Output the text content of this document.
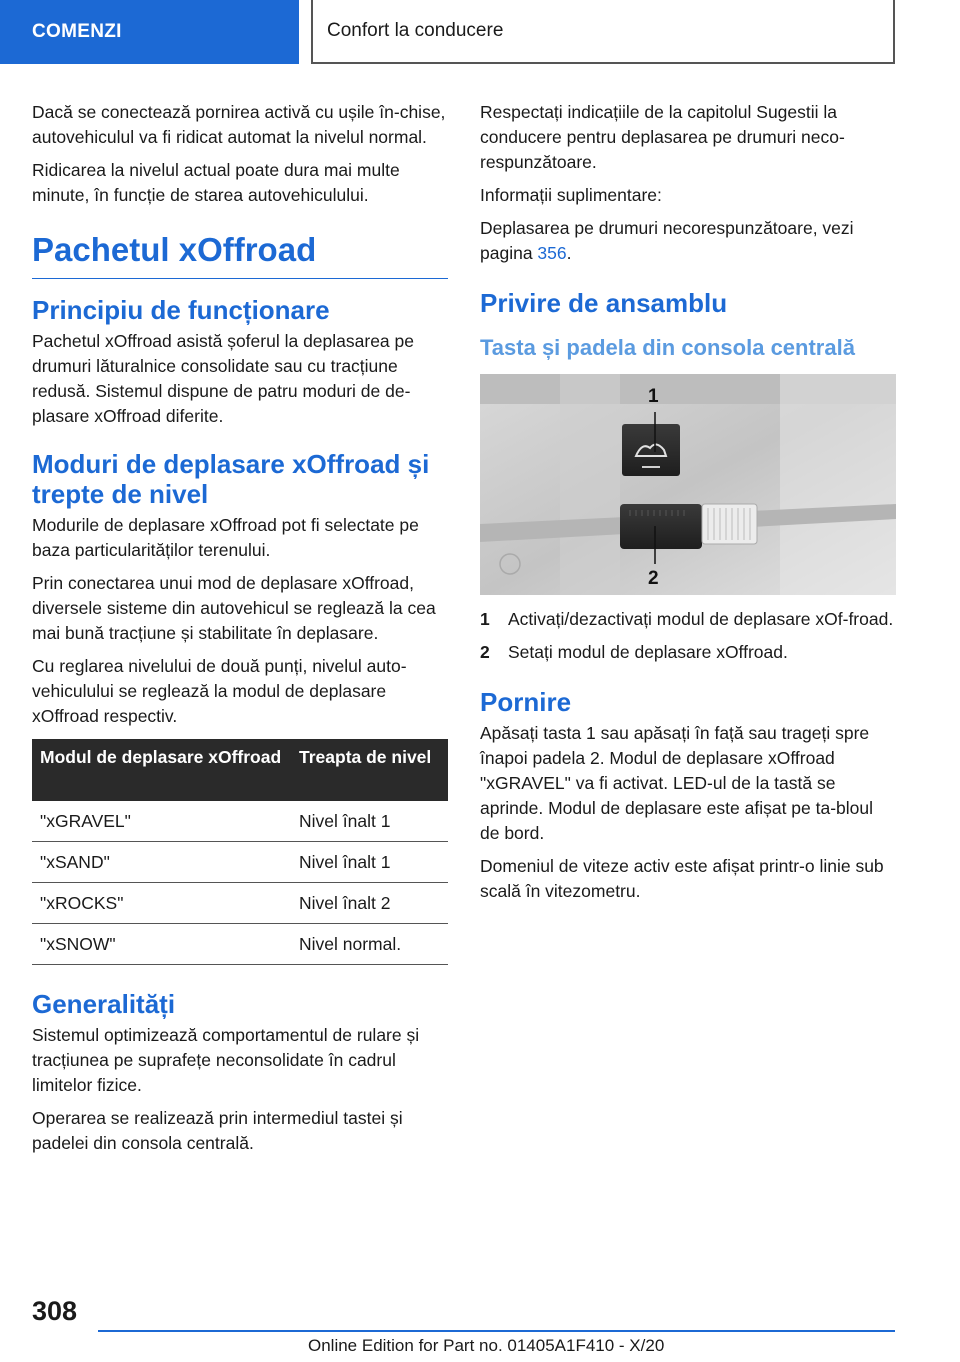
COMENZI	Confort la conducere

Dacă se conectează pornirea activă cu ușile în-chise, autovehiculul va fi ridicat automat la nivelul normal.

Ridicarea la nivelul actual poate dura mai multe minute, în funcție de starea autovehiculului.

Pachetul xOffroad
Principiu de funcționare

Pachetul xOffroad asistă șoferul la deplasarea pe drumuri lăturalnice consolidate sau cu tracțiune redusă. Sistemul dispune de patru moduri de de-plasare xOffroad diferite.

Moduri de deplasare xOffroad și trepte de nivel

Modurile de deplasare xOffroad pot fi selectate pe baza particularităților terenului.

Prin conectarea unui mod de deplasare xOffroad, diversele sisteme din autovehicul se reglează la cea mai bună tracțiune și stabilitate în deplasare.

Cu reglarea nivelului de două punți, nivelul auto-vehiculului se reglează la modul de deplasare xOffroad respectiv.

Modul de deplasare xOffroad	Treapta de nivel
"xGRAVEL"	Nivel înalt 1
"xSAND"	Nivel înalt 1
"xROCKS"	Nivel înalt 2
"xSNOW"	Nivel normal.
Generalități

Sistemul optimizează comportamentul de rulare și tracțiunea pe suprafețe neconsolidate în cadrul limitelor fizice.

Operarea se realizează prin intermediul tastei și padelei din consola centrală.

Respectați indicațiile de la capitolul Sugestii la conducere pentru deplasarea pe drumuri neco-respunzătoare.

Informații suplimentare:

Deplasarea pe drumuri necorespunzătoare, vezi pagina 356.

Privire de ansamblu
Tasta și padela din consola centrală
1
2
1	Activați/dezactivați modul de deplasare xOf-froad.
2	Setați modul de deplasare xOffroad.
Pornire

Apăsați tasta 1 sau apăsați în față sau trageți spre înapoi padela 2. Modul de deplasare xOffroad "xGRAVEL" va fi activat. LED-ul de la tastă se aprinde. Modul de deplasare este afișat pe ta-bloul de bord.

Domeniul de viteze activ este afișat printr-o linie sub scală în vitezometru.

308
Online Edition for Part no. 01405A1F410 - X/20
